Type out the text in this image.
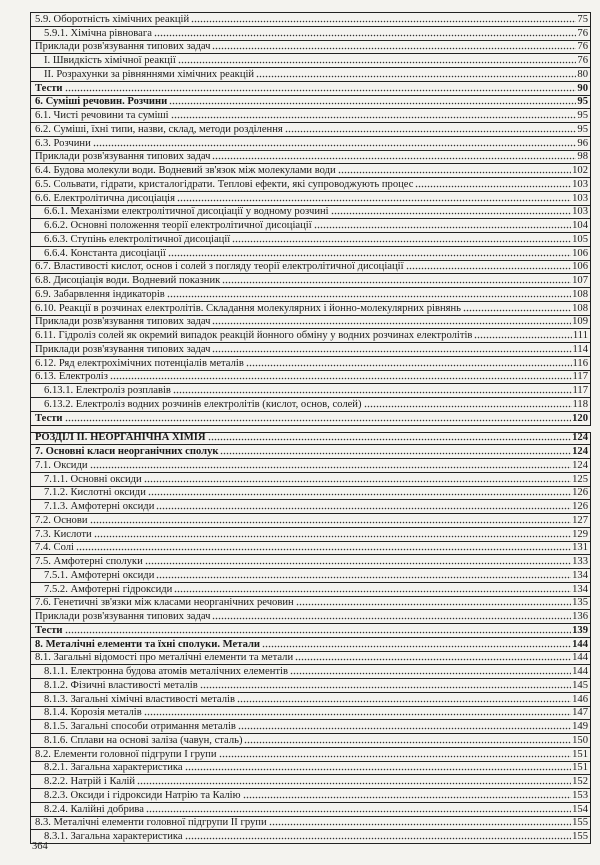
5.9. Оборотність хімічних реакцій	75
5.9.1. Хімічна рівновага	76
Приклади розв'язування типових задач	76
I. Швидкість хімічної реакції	76
II. Розрахунки за рівняннями хімічних реакцій	80
Тести	90
6. Суміші речовин. Розчини	95
6.1. Чисті речовини та суміші	95
6.2. Суміші, їхні типи, назви, склад, методи розділення	95
6.3. Розчини	96
Приклади розв'язування типових задач	98
6.4. Будова молекули води. Водневий зв'язок між молекулами води	102
6.5. Сольвати, гідрати, кристалогідрати. Теплові ефекти, які супроводжують процес	103
6.6. Електролітична дисоціація	103
6.6.1. Механізми електролітичної дисоціації у водному розчині	103
6.6.2. Основні положення теорії електролітичної дисоціації	104
6.6.3. Ступінь електролітичної дисоціації	105
6.6.4. Константа дисоціації	106
6.7. Властивості кислот, основ і солей з погляду теорії електролітичної дисоціації	106
6.8. Дисоціація води. Водневий показник	107
6.9. Забарвлення індикаторів	108
6.10. Реакції в розчинах електролітів. Складання молекулярних і йонно-молекулярних рівнянь	108
Приклади розв'язування типових задач	109
6.11. Гідроліз солей як окремий випадок реакцій йонного обміну у водних розчинах електролітів	111
Приклади розв'язування типових задач	114
6.12. Ряд електрохімічних потенціалів металів	116
6.13. Електроліз	117
6.13.1. Електроліз розплавів	117
6.13.2. Електроліз водних розчинів електролітів (кислот, основ, солей)	118
Тести	120
РОЗДІЛ II. НЕОРГАНІЧНА ХІМІЯ	124
7. Основні класи неорганічних сполук	124
7.1. Оксиди	124
7.1.1. Основні оксиди	125
7.1.2. Кислотні оксиди	126
7.1.3. Амфотерні оксиди	126
7.2. Основи	127
7.3. Кислоти	129
7.4. Солі	131
7.5. Амфотерні сполуки	133
7.5.1. Амфотерні оксиди	134
7.5.2. Амфотерні гідроксиди	134
7.6. Генетичні зв'язки між класами неорганічних речовин	135
Приклади розв'язування типових задач	136
Тести	139
8. Металічні елементи та їхні сполуки. Метали	144
8.1. Загальні відомості про металічні елементи та метали	144
8.1.1. Електронна будова атомів металічних елементів	144
8.1.2. Фізичні властивості металів	145
8.1.3. Загальні хімічні властивості металів	146
8.1.4. Корозія металів	147
8.1.5. Загальні способи отримання металів	149
8.1.6. Сплави на основі заліза (чавун, сталь)	150
8.2. Елементи головної підгрупи I групи	151
8.2.1. Загальна характеристика	151
8.2.2. Натрій і Калій	152
8.2.3. Оксиди і гідроксиди Натрію та Калію	153
8.2.4. Калійні добрива	154
8.3. Металічні елементи головної підгрупи II групи	155
8.3.1. Загальна характеристика	155
364
